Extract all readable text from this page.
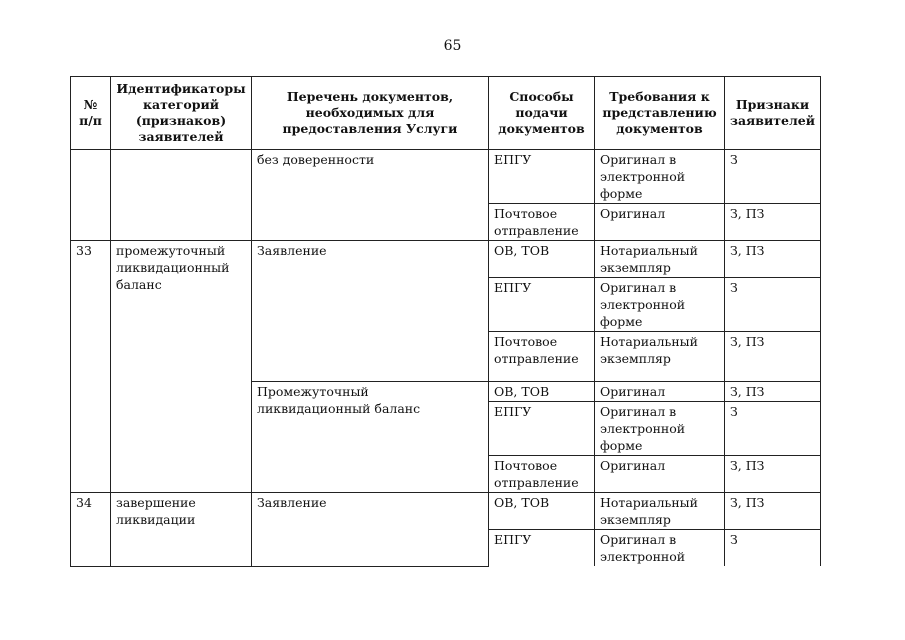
65
№ п/п	Идентификаторы категорий (признаков) заявителей	Перечень документов, необходимых для предоставления Услуги	Способы подачи документов	Требования к представлению документов	Признаки заявителей
		без доверенности	ЕПГУ	Оригинал в электронной форме	З
			Почтовое отправление	Оригинал	З, ПЗ
33	промежуточный ликвидационный баланс	Заявление	ОВ, ТОВ	Нотариальный экземпляр	З, ПЗ
			ЕПГУ	Оригинал в электронной форме	З
			Почтовое отправление	Нотариальный экземпляр	З, ПЗ
		Промежуточный ликвидационный баланс	ОВ, ТОВ	Оригинал	З, ПЗ
			ЕПГУ	Оригинал в электронной форме	З
			Почтовое отправление	Оригинал	З, ПЗ
34	завершение ликвидации	Заявление	ОВ, ТОВ	Нотариальный экземпляр	З, ПЗ
			ЕПГУ	Оригинал в электронной	З
